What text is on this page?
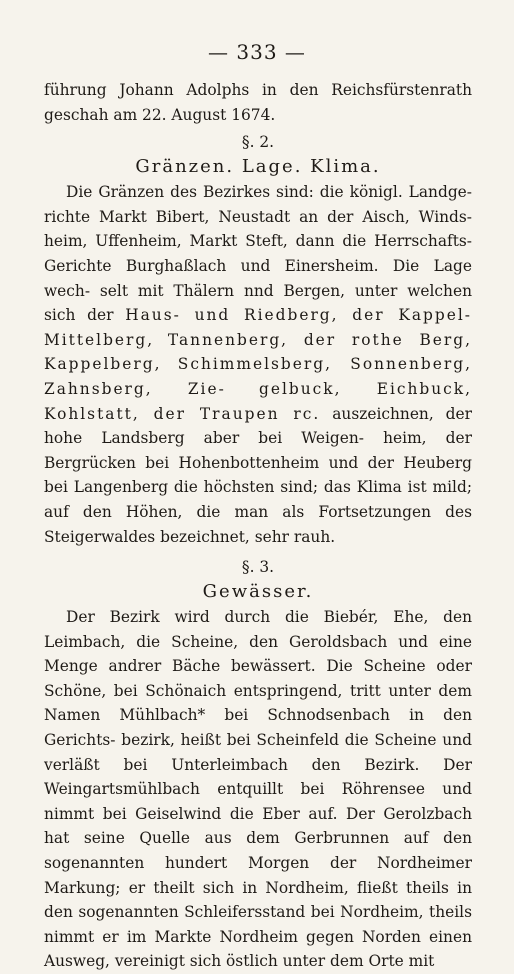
— 333 —

führung Johann Adolphs in den Reichsfürstenrath geschah am 22. August 1674.

§. 2.
Gränzen. Lage. Klima.

Die Gränzen des Bezirkes sind: die königl. Landge- richte Markt Bibert, Neustadt an der Aisch, Winds- heim, Uffenheim, Markt Steft, dann die Herrschafts- Gerichte Burghaßlach und Einersheim. Die Lage wech- selt mit Thälern nnd Bergen, unter welchen sich der Haus- und Riedberg, der Kappel-Mittelberg, Tannenberg, der rothe Berg, Kappelberg, Schimmelsberg, Sonnenberg, Zahnsberg, Zie- gelbuck, Eichbuck, Kohlstatt, der Traupen rc. auszeichnen, der hohe Landsberg aber bei Weigen- heim, der Bergrücken bei Hohenbottenheim und der Heuberg bei Langenberg die höchsten sind; das Klima ist mild; auf den Höhen, die man als Fortsetzungen des Steigerwaldes bezeichnet, sehr rauh.

§. 3.
Gewässer.

Der Bezirk wird durch die Biebér, Ehe, den Leimbach, die Scheine, den Geroldsbach und eine Menge andrer Bäche bewässert. Die Scheine oder Schöne, bei Schönaich entspringend, tritt unter dem Namen Mühlbach* bei Schnodsenbach in den Gerichts- bezirk, heißt bei Scheinfeld die Scheine und verläßt bei Unterleimbach den Bezirk. Der Weingartsmühlbach entquillt bei Röhrensee und nimmt bei Geiselwind die Eber auf. Der Gerolzbach hat seine Quelle aus dem Gerbrunnen auf den sogenannten hundert Morgen der Nordheimer Markung; er theilt sich in Nordheim, fließt theils in den sogenannten Schleifersstand bei Nordheim, theils nimmt er im Markte Nordheim gegen Norden einen Ausweg, vereinigt sich östlich unter dem Orte mit
